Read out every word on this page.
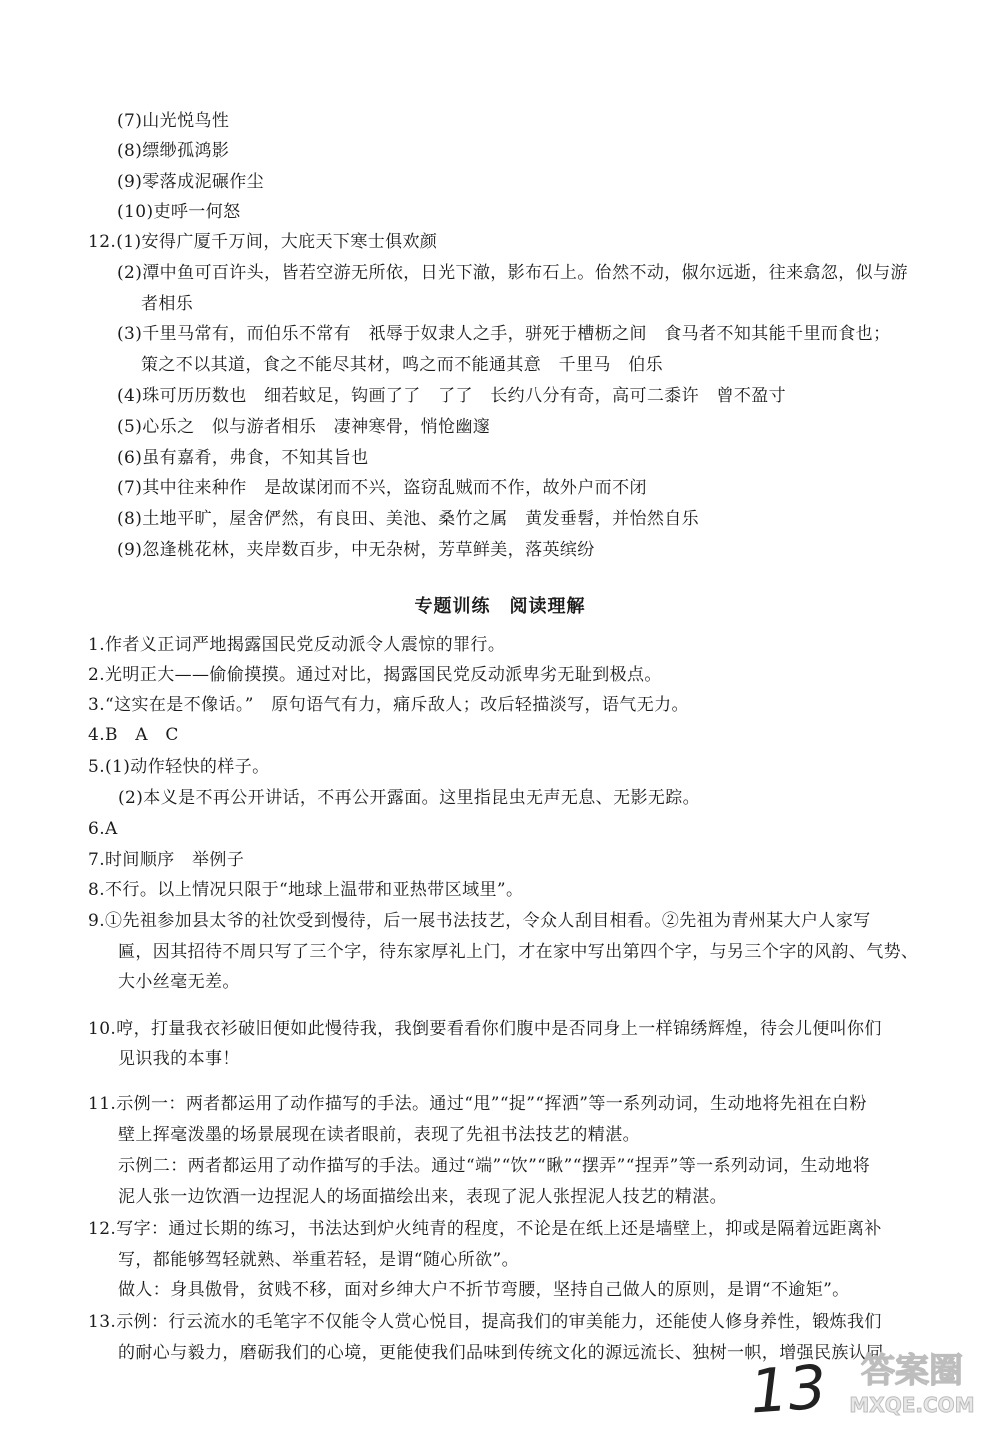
(7)山光悦鸟性
(8)缥缈孤鸿影
(9)零落成泥碾作尘
(10)吏呼一何怒
12.(1)安得广厦千万间，大庇天下寒士俱欢颜
(2)潭中鱼可百许头，皆若空游无所依，日光下澈，影布石上。佁然不动，俶尔远逝，往来翕忽，似与游
者相乐
(3)千里马常有，而伯乐不常有　祇辱于奴隶人之手，骈死于槽枥之间　食马者不知其能千里而食也；
策之不以其道，食之不能尽其材，鸣之而不能通其意　千里马　伯乐
(4)珠可历历数也　细若蚊足，钩画了了　了了　长约八分有奇，高可二黍许　曾不盈寸
(5)心乐之　似与游者相乐　凄神寒骨，悄怆幽邃
(6)虽有嘉肴，弗食，不知其旨也
(7)其中往来种作　是故谋闭而不兴，盗窃乱贼而不作，故外户而不闭
(8)土地平旷，屋舍俨然，有良田、美池、桑竹之属　黄发垂髫，并怡然自乐
(9)忽逢桃花林，夹岸数百步，中无杂树，芳草鲜美，落英缤纷
专题训练　阅读理解
1.作者义正词严地揭露国民党反动派令人震惊的罪行。
2.光明正大——偷偷摸摸。通过对比，揭露国民党反动派卑劣无耻到极点。
3.“这实在是不像话。”　原句语气有力，痛斥敌人；改后轻描淡写，语气无力。
4.B　A　C
5.(1)动作轻快的样子。
(2)本义是不再公开讲话，不再公开露面。这里指昆虫无声无息、无影无踪。
6.A
7.时间顺序　举例子
8.不行。以上情况只限于“地球上温带和亚热带区域里”。
9.①先祖参加县太爷的社饮受到慢待，后一展书法技艺，令众人刮目相看。②先祖为青州某大户人家写
匾，因其招待不周只写了三个字，待东家厚礼上门，才在家中写出第四个字，与另三个字的风韵、气势、
大小丝毫无差。
10.哼，打量我衣衫破旧便如此慢待我，我倒要看看你们腹中是否同身上一样锦绣辉煌，待会儿便叫你们
见识我的本事！
11.示例一：两者都运用了动作描写的手法。通过“甩”“捉”“挥洒”等一系列动词，生动地将先祖在白粉
壁上挥毫泼墨的场景展现在读者眼前，表现了先祖书法技艺的精湛。
示例二：两者都运用了动作描写的手法。通过“端”“饮”“瞅”“摆弄”“捏弄”等一系列动词，生动地将
泥人张一边饮酒一边捏泥人的场面描绘出来，表现了泥人张捏泥人技艺的精湛。
12.写字：通过长期的练习，书法达到炉火纯青的程度，不论是在纸上还是墙壁上，抑或是隔着远距离补
写，都能够驾轻就熟、举重若轻，是谓“随心所欲”。
做人：身具傲骨，贫贱不移，面对乡绅大户不折节弯腰，坚持自己做人的原则，是谓“不逾矩”。
13.示例：行云流水的毛笔字不仅能令人赏心悦目，提高我们的审美能力，还能使人修身养性，锻炼我们
的耐心与毅力，磨砺我们的心境，更能使我们品味到传统文化的源远流长、独树一帜，增强民族认同
13 答案圈
MXQE.COM
